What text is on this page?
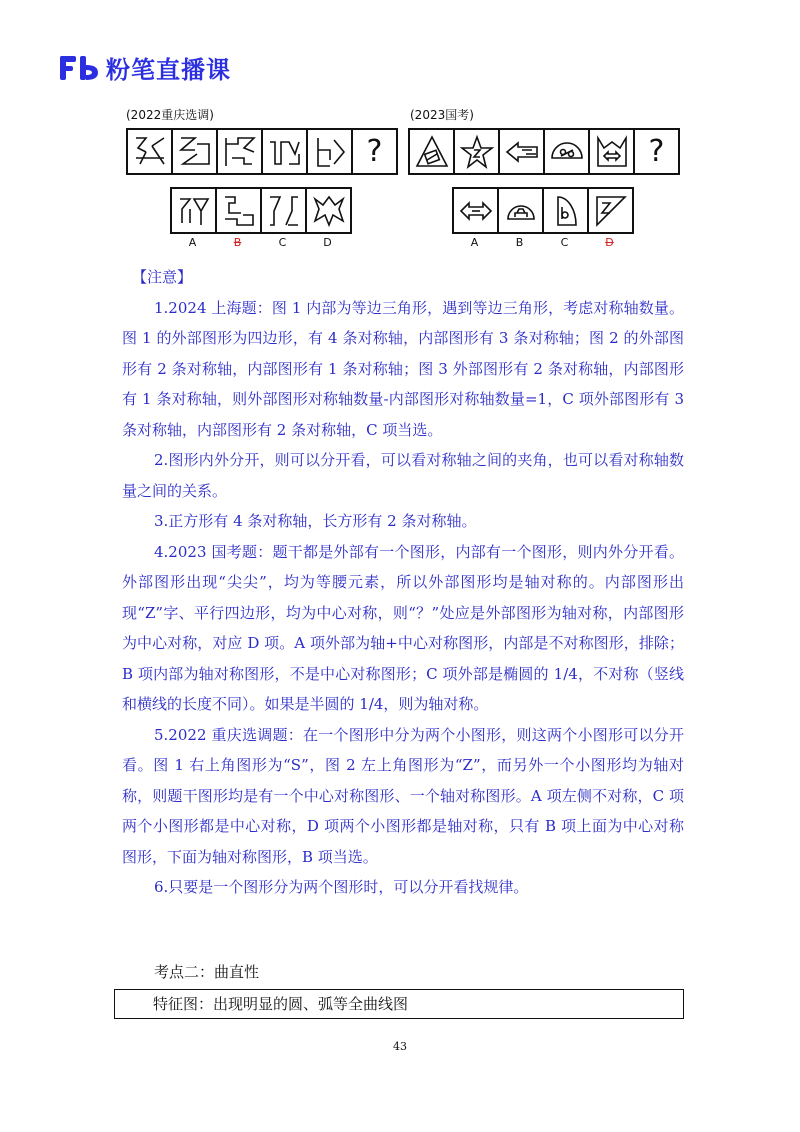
粉笔直播课
(2022重庆选调)
?
A	B	C	D
(2023国考)
?
A	B	C	D

【注意】

1.2024 上海题：图 1 内部为等边三角形，遇到等边三角形，考虑对称轴数量。图 1 的外部图形为四边形，有 4 条对称轴，内部图形有 3 条对称轴；图 2 的外部图形有 2 条对称轴，内部图形有 1 条对称轴；图 3 外部图形有 2 条对称轴，内部图形有 1 条对称轴，则外部图形对称轴数量-内部图形对称轴数量=1，C 项外部图形有 3 条对称轴，内部图形有 2 条对称轴，C 项当选。

2.图形内外分开，则可以分开看，可以看对称轴之间的夹角，也可以看对称轴数量之间的关系。

3.正方形有 4 条对称轴，长方形有 2 条对称轴。

4.2023 国考题：题干都是外部有一个图形，内部有一个图形，则内外分开看。外部图形出现“尖尖”，均为等腰元素，所以外部图形均是轴对称的。内部图形出现“Z”字、平行四边形，均为中心对称，则“？”处应是外部图形为轴对称，内部图形为中心对称，对应 D 项。A 项外部为轴+中心对称图形，内部是不对称图形，排除；B 项内部为轴对称图形，不是中心对称图形；C 项外部是椭圆的 1/4，不对称（竖线和横线的长度不同）。如果是半圆的 1/4，则为轴对称。

5.2022 重庆选调题：在一个图形中分为两个小图形，则这两个小图形可以分开看。图 1 右上角图形为“S”，图 2 左上角图形为“Z”，而另外一个小图形均为轴对称，则题干图形均是有一个中心对称图形、一个轴对称图形。A 项左侧不对称，C 项两个小图形都是中心对称，D 项两个小图形都是轴对称，只有 B 项上面为中心对称图形，下面为轴对称图形，B 项当选。

6.只要是一个图形分为两个图形时，可以分开看找规律。

考点二：曲直性
特征图：出现明显的圆、弧等全曲线图
43
